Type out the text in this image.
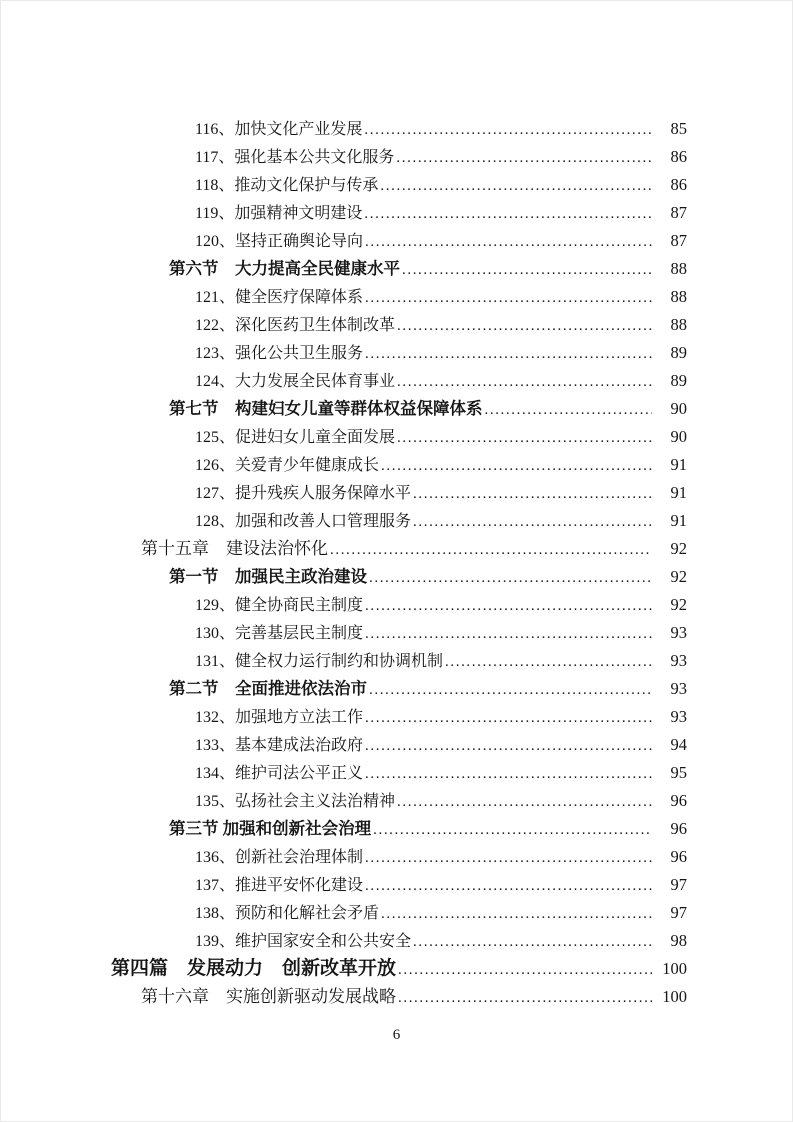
116、加快文化产业发展 .....	85
117、强化基本公共文化服务 .....	86
118、推动文化保护与传承 .....	86
119、加强精神文明建设 .....	87
120、坚持正确舆论导向 .....	87
第六节　大力提高全民健康水平 .....	88
121、健全医疗保障体系 .....	88
122、深化医药卫生体制改革 .....	88
123、强化公共卫生服务 .....	89
124、大力发展全民体育事业 .....	89
第七节　构建妇女儿童等群体权益保障体系 .....	90
125、促进妇女儿童全面发展 .....	90
126、关爱青少年健康成长 .....	91
127、提升残疾人服务保障水平 .....	91
128、加强和改善人口管理服务 .....	91
第十五章　建设法治怀化 .....	92
第一节　加强民主政治建设 .....	92
129、健全协商民主制度 .....	92
130、完善基层民主制度 .....	93
131、健全权力运行制约和协调机制 .....	93
第二节　全面推进依法治市 .....	93
132、加强地方立法工作 .....	93
133、基本建成法治政府 .....	94
134、维护司法公平正义 .....	95
135、弘扬社会主义法治精神 .....	96
第三节 加强和创新社会治理 .....	96
136、创新社会治理体制 .....	96
137、推进平安怀化建设 .....	97
138、预防和化解社会矛盾 .....	97
139、维护国家安全和公共安全 .....	98
第四篇　发展动力　创新改革开放 .....	100
第十六章　实施创新驱动发展战略 .....	100
6
